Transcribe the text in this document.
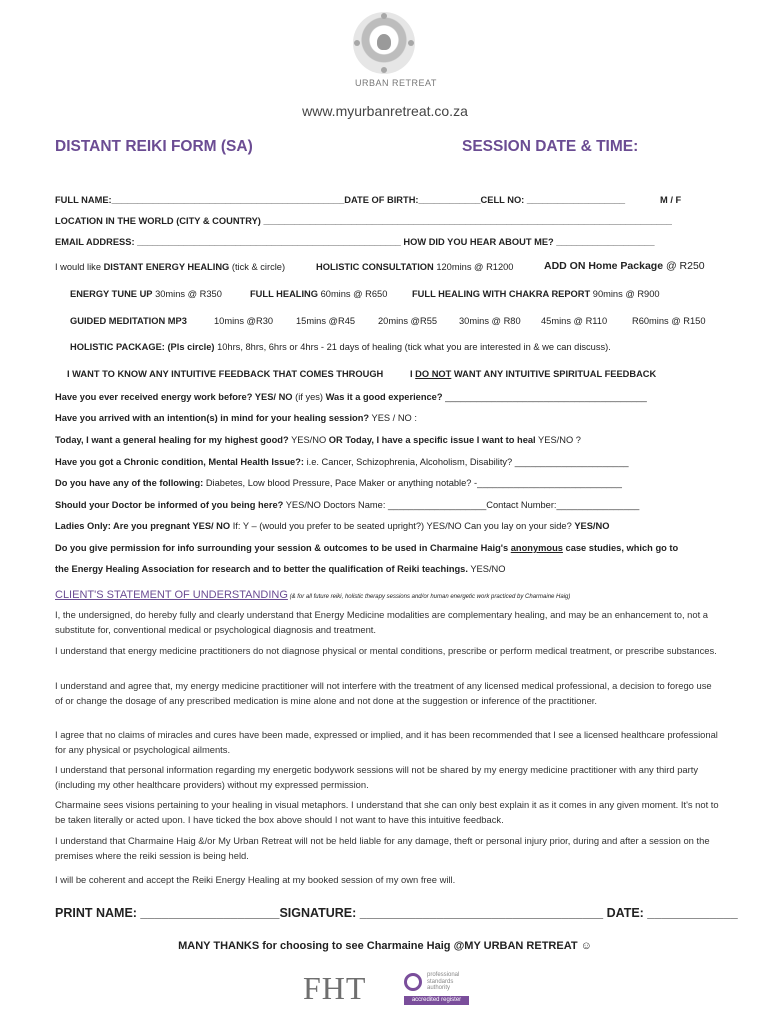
URBAN RETREAT
www.myurbanretreat.co.za
DISTANT REIKI FORM (SA)	SESSION DATE & TIME:
FULL NAME:_____________________________________________DATE OF BIRTH:____________CELL NO: ___________________	M / F
LOCATION IN THE WORLD (CITY & COUNTRY) _______________________________________________________________________________
EMAIL ADDRESS: ___________________________________________________ HOW DID YOU HEAR ABOUT ME? ___________________
I would like DISTANT ENERGY HEALING (tick & circle)	HOLISTIC CONSULTATION 120mins @ R1200	ADD ON Home Package @ R250
ENERGY TUNE UP 30mins @ R350	FULL HEALING 60mins @ R650	FULL HEALING WITH CHAKRA REPORT 90mins @ R900
GUIDED MEDITATION MP3	10mins @R30 15mins @R45 20mins @R55 30mins @ R80 45mins @ R110	R60mins @ R150
HOLISTIC PACKAGE: (Pls circle) 10hrs, 8hrs, 6hrs or 4hrs - 21 days of healing (tick what you are interested in & we can discuss).
I WANT TO KNOW ANY INTUITIVE FEEDBACK THAT COMES THROUGH	I DO NOT WANT ANY INTUITIVE SPIRITUAL FEEDBACK
Have you ever received energy work before? YES/ NO (if yes) Was it a good experience? _______________________________________
Have you arrived with an intention(s) in mind for your healing session? YES / NO :
Today, I want a general healing for my highest good? YES/NO OR Today, I have a specific issue I want to heal YES/NO ?
Have you got a Chronic condition, Mental Health Issue?: i.e. Cancer, Schizophrenia, Alcoholism, Disability? ______________________
Do you have any of the following: Diabetes, Low blood Pressure, Pace Maker or anything notable? -____________________________
Should your Doctor be informed of you being here? YES/NO Doctors Name: ___________________Contact Number:________________
Ladies Only: Are you pregnant YES/ NO If: Y – (would you prefer to be seated upright?) YES/NO Can you lay on your side? YES/NO
Do you give permission for info surrounding your session & outcomes to be used in Charmaine Haig's anonymous case studies, which go to
the Energy Healing Association for research and to better the qualification of Reiki teachings. YES/NO
CLIENT'S STATEMENT OF UNDERSTANDING (& for all future reiki, holistic therapy sessions and/or human energetic work practiced by Charmaine Haig)
I, the undersigned, do hereby fully and clearly understand that Energy Medicine modalities are complementary healing, and may be an enhancement to, not a substitute for, conventional medical or psychological diagnosis and treatment.
I understand that energy medicine practitioners do not diagnose physical or mental conditions, prescribe or perform medical treatment, or prescribe substances.
I understand and agree that, my energy medicine practitioner will not interfere with the treatment of any licensed medical professional, a decision to forego use of or change the dosage of any prescribed medication is mine alone and not done at the suggestion or inference of the practitioner.
I agree that no claims of miracles and cures have been made, expressed or implied, and it has been recommended that I see a licensed healthcare professional for any physical or psychological ailments.
I understand that personal information regarding my energetic bodywork sessions will not be shared by my energy medicine practitioner with any third party (including my other healthcare providers) without my expressed permission.
Charmaine sees visions pertaining to your healing in visual metaphors. I understand that she can only best explain it as it comes in any given moment. It's not to be taken literally or acted upon. I have ticked the box above should I not want to have this intuitive feedback.
I understand that Charmaine Haig &/or My Urban Retreat will not be held liable for any damage, theft or personal injury prior, during and after a session on the premises where the reiki session is being held.
I will be coherent and accept the Reiki Energy Healing at my booked session of my own free will.
PRINT NAME: ____________________SIGNATURE: ___________________________________ DATE: _____________
MANY THANKS for choosing to see Charmaine Haig @MY URBAN RETREAT ☺
FHT	professional
standards
authority
accredited register
